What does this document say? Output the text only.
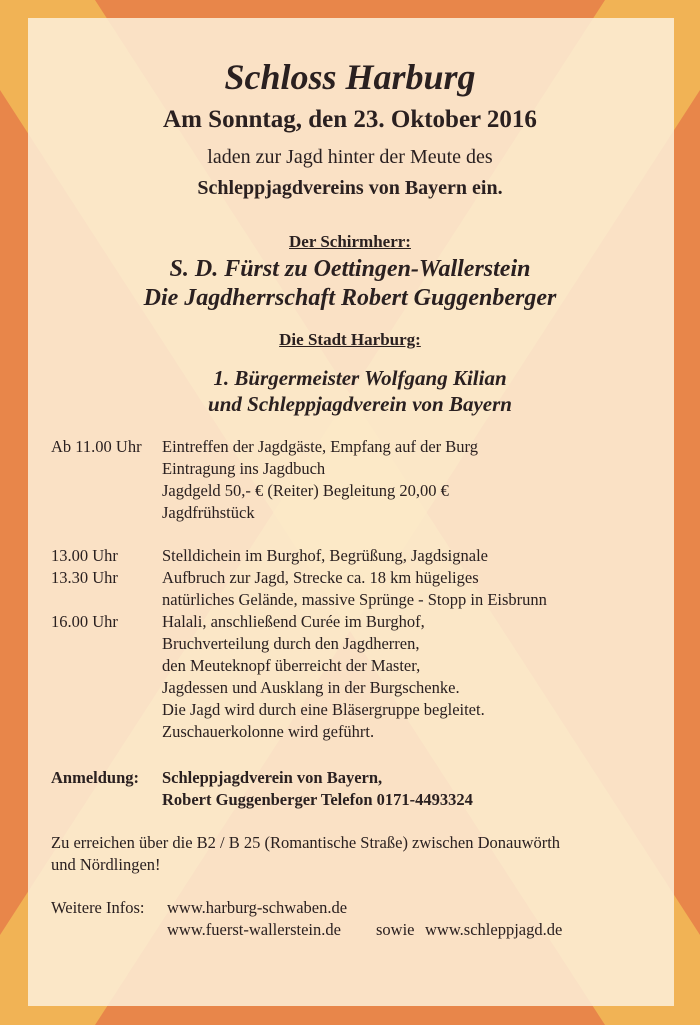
Schloss Harburg
Am Sonntag, den 23. Oktober 2016
laden zur Jagd hinter der Meute des
Schleppjagdvereins von Bayern ein.
Der Schirmherr:
S. D. Fürst zu Oettingen-Wallerstein
Die Jagdherrschaft Robert Guggenberger
Die Stadt Harburg:
1. Bürgermeister Wolfgang Kilian
und Schleppjagdverein von Bayern
Ab 11.00 Uhr Eintreffen der Jagdgäste, Empfang auf der Burg
Eintragung ins Jagdbuch
Jagdgeld 50,- € (Reiter) Begleitung 20,00 €
Jagdfrühstück
13.00 Uhr	Stelldichein im Burghof, Begrüßung, Jagdsignale
13.30 Uhr	Aufbruch zur Jagd, Strecke ca. 18 km hügeliges
natürliches Gelände, massive Sprünge - Stopp in Eisbrunn
16.00 Uhr	Halali, anschließend Curée im Burghof,
Bruchverteilung durch den Jagdherren,
den Meuteknopf überreicht der Master,
Jagdessen und Ausklang in der Burgschenke.
Die Jagd wird durch eine Bläsergruppe begleitet.
Zuschauerkolonne wird geführt.
Anmeldung: Schleppjagdverein von Bayern,
Robert Guggenberger Telefon 0171-4493324
Zu erreichen über die B2 / B 25 (Romantische Straße) zwischen Donauwörth
und Nördlingen!
Weitere Infos: www.harburg-schwaben.de
www.fuerst-wallerstein.de sowie www.schleppjagd.de
